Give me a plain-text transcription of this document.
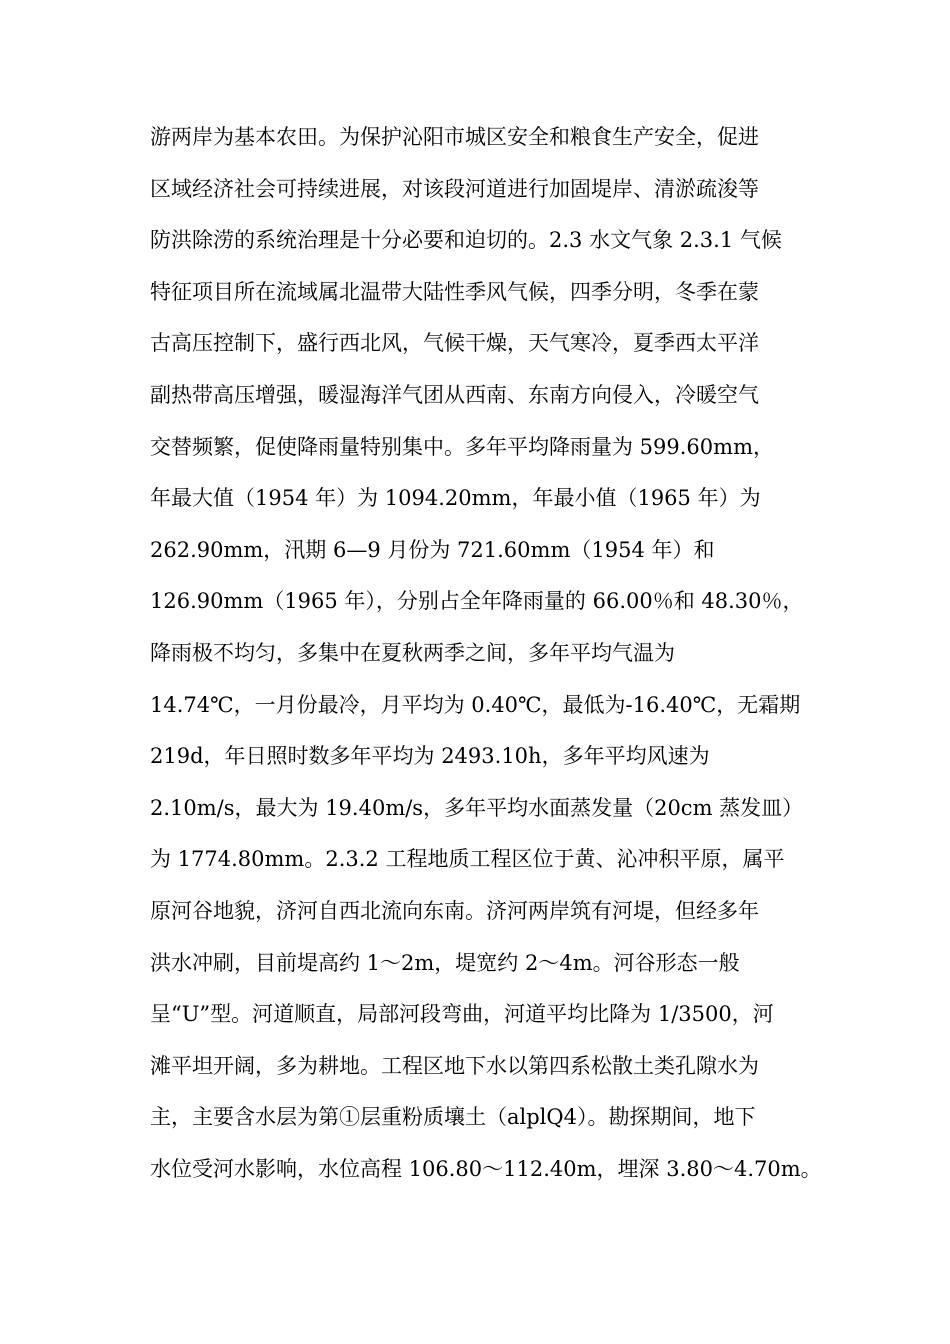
游两岸为基本农田。为保护沁阳市城区安全和粮食生产安全，促进
区域经济社会可持续进展，对该段河道进行加固堤岸、清淤疏浚等
防洪除涝的系统治理是十分必要和迫切的。2.3 水文气象 2.3.1 气候
特征项目所在流域属北温带大陆性季风气候，四季分明，冬季在蒙
古高压控制下，盛行西北风，气候干燥，天气寒冷，夏季西太平洋
副热带高压增强，暖湿海洋气团从西南、东南方向侵入，冷暖空气
交替频繁，促使降雨量特别集中。多年平均降雨量为 599.60mm，
年最大值（1954 年）为 1094.20mm，年最小值（1965 年）为
262.90mm，汛期 6—9 月份为 721.60mm（1954 年）和
126.90mm（1965 年），分别占全年降雨量的 66.00％和 48.30％，
降雨极不均匀，多集中在夏秋两季之间，多年平均气温为
14.74℃，一月份最冷，月平均为 0.40℃，最低为-16.40℃，无霜期
219d，年日照时数多年平均为 2493.10h，多年平均风速为
2.10m/s，最大为 19.40m/s，多年平均水面蒸发量（20cm 蒸发皿）
为 1774.80mm。2.3.2 工程地质工程区位于黄、沁冲积平原，属平
原河谷地貌，济河自西北流向东南。济河两岸筑有河堤，但经多年
洪水冲刷，目前堤高约 1～2m，堤宽约 2～4m。河谷形态一般
呈“U”型。河道顺直，局部河段弯曲，河道平均比降为 1/3500，河
滩平坦开阔，多为耕地。工程区地下水以第四系松散土类孔隙水为
主，主要含水层为第①层重粉质壤土（alplQ4）。勘探期间，地下
水位受河水影响，水位高程 106.80～112.40m，埋深 3.80～4.70m。
